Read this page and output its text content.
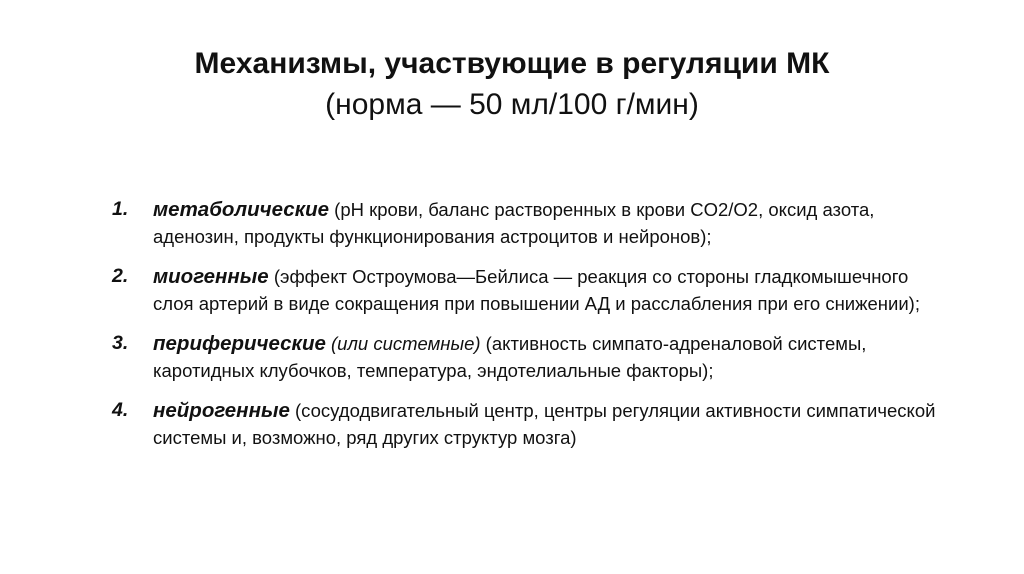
Механизмы, участвующие в регуляции МК
(норма — 50 мл/100 г/мин)
1. метаболические (pH крови, баланс растворенных в крови CO2/O2, оксид азота, аденозин, продукты функционирования астроцитов и нейронов);
2. миогенные (эффект Остроумова—Бейлиса — реакция со стороны гладкомышечного слоя артерий в виде сокращения при повышении АД и расслабления при его снижении);
3. периферические (или системные) (активность симпато-адреналовой системы, каротидных клубочков, температура, эндотелиальные факторы);
4. нейрогенные (сосудодвигательный центр, центры регуляции активности симпатической системы и, возможно, ряд других структур мозга)
